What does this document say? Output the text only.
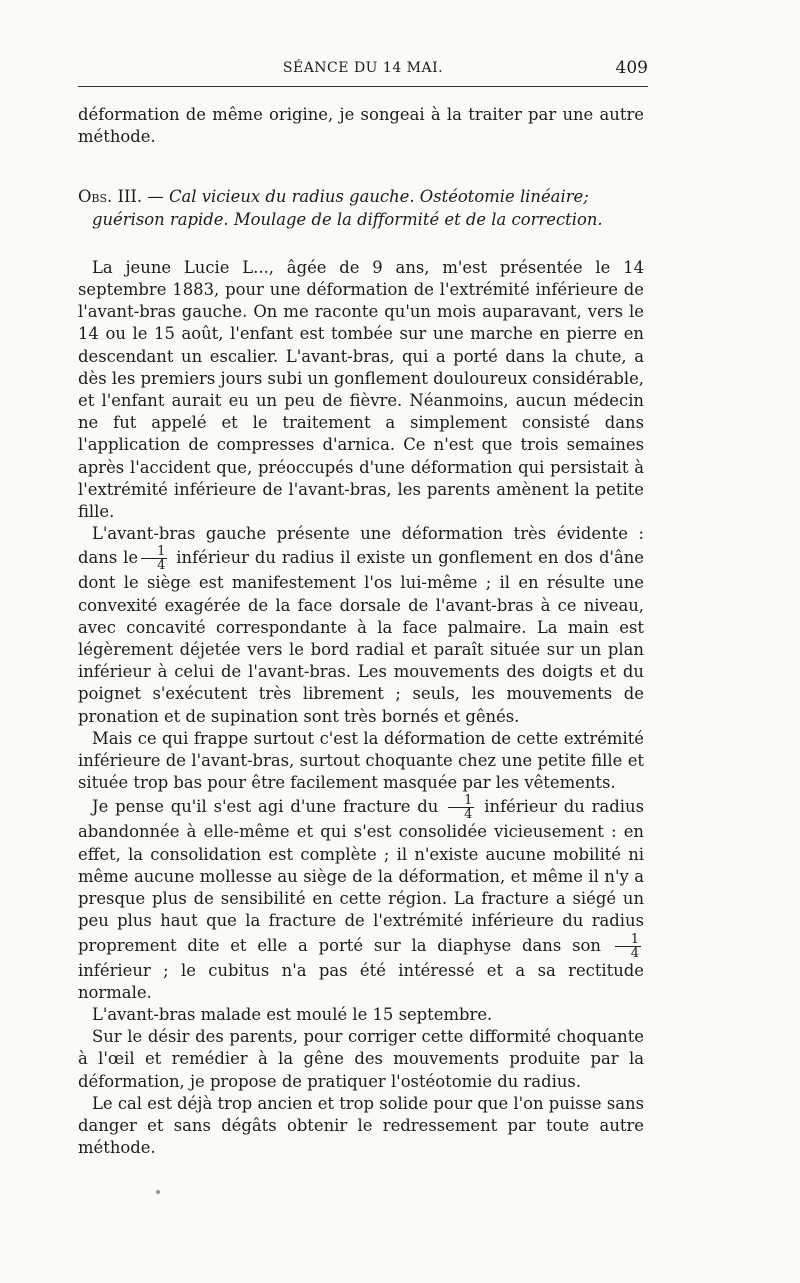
SÉANCE DU 14 MAI.	409

déformation de même origine, je songeai à la traiter par une autre méthode.

Obs. III. — Cal vicieux du radius gauche. Ostéotomie linéaire;

guérison rapide. Moulage de la difformité et de la correction.

La jeune Lucie L..., âgée de 9 ans, m'est présentée le 14 septembre 1883, pour une déformation de l'extrémité inférieure de l'avant-bras gauche. On me raconte qu'un mois auparavant, vers le 14 ou le 15 août, l'enfant est tombée sur une marche en pierre en descendant un escalier. L'avant-bras, qui a porté dans la chute, a dès les premiers jours subi un gonflement douloureux considérable, et l'enfant aurait eu un peu de fièvre. Néanmoins, aucun médecin ne fut appelé et le traitement a simplement consisté dans l'application de compresses d'arnica. Ce n'est que trois semaines après l'accident que, préoccupés d'une déformation qui persistait à l'extrémité inférieure de l'avant-bras, les parents amènent la petite fille.

L'avant-bras gauche présente une déformation très évidente : dans le $\frac{1}{4}$ inférieur du radius il existe un gonflement en dos d'âne dont le siège est manifestement l'os lui-même ; il en résulte une convexité exagérée de la face dorsale de l'avant-bras à ce niveau, avec concavité correspondante à la face palmaire. La main est légèrement déjetée vers le bord radial et paraît située sur un plan inférieur à celui de l'avant-bras. Les mouvements des doigts et du poignet s'exécutent très librement ; seuls, les mouvements de pronation et de supination sont très bornés et gênés.

Mais ce qui frappe surtout c'est la déformation de cette extrémité inférieure de l'avant-bras, surtout choquante chez une petite fille et située trop bas pour être facilement masquée par les vêtements.

Je pense qu'il s'est agi d'une fracture du $\frac{1}{4}$ inférieur du radius abandonnée à elle-même et qui s'est consolidée vicieusement : en effet, la consolidation est complète ; il n'existe aucune mobilité ni même aucune mollesse au siège de la déformation, et même il n'y a presque plus de sensibilité en cette région. La fracture a siégé un peu plus haut que la fracture de l'extrémité inférieure du radius proprement dite et elle a porté sur la diaphyse dans son $\frac{1}{4}$
inférieur ; le cubitus n'a pas été intéressé et a sa rectitude normale.

L'avant-bras malade est moulé le 15 septembre.

Sur le désir des parents, pour corriger cette difformité choquante à l'œil et remédier à la gêne des mouvements produite par la déformation, je propose de pratiquer l'ostéotomie du radius.

Le cal est déjà trop ancien et trop solide pour que l'on puisse sans danger et sans dégâts obtenir le redressement par toute autre méthode.
